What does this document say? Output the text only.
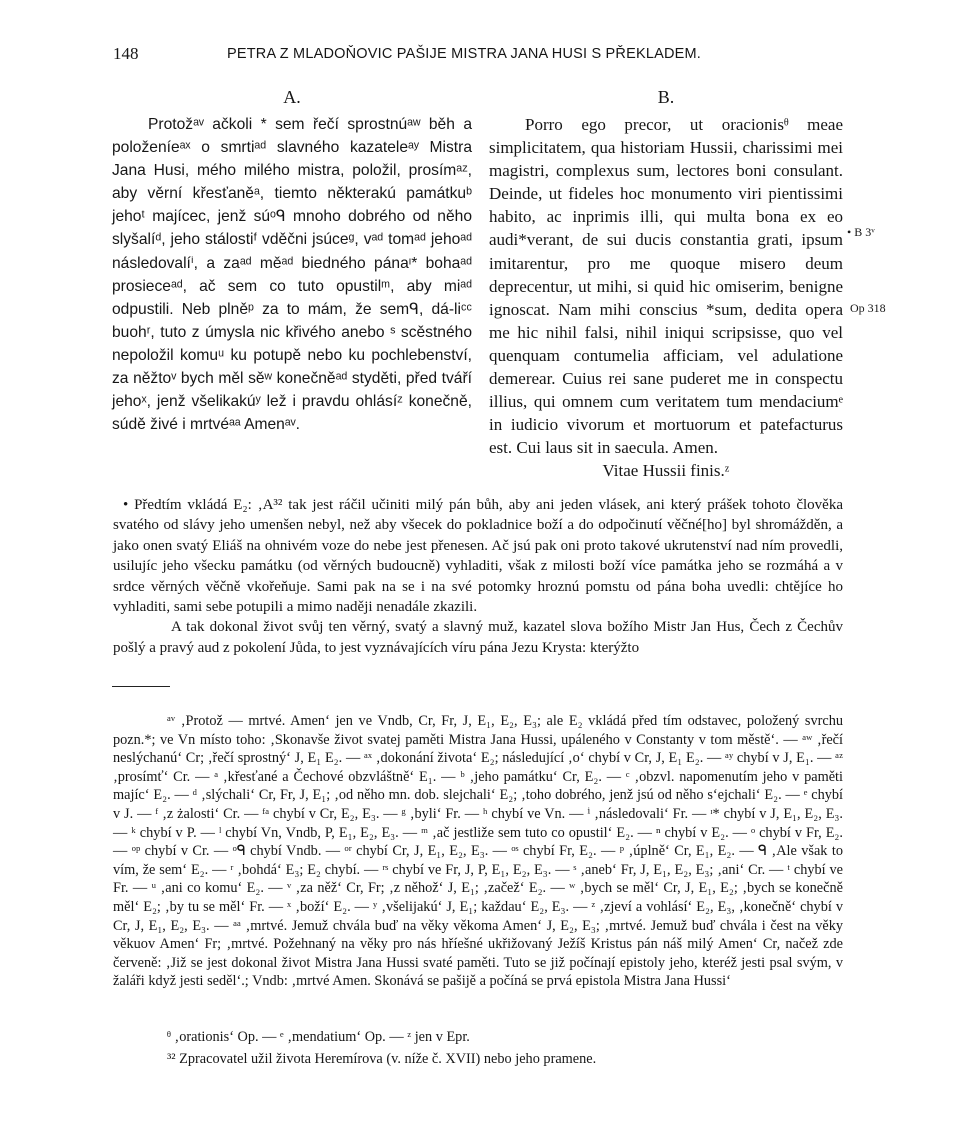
148	PETRA Z MLADOŇOVIC PAŠIJE MISTRA JANA HUSI S PŘEKLADEM.

A.

Protožᵃᵛ ačkoli * sem řečí sprostnúᵃʷ běh a položeníeᵃˣ o smrtiᵃᵈ slavného kazateleᵃʸ Mistra Jana Husi, mého milého mistra, položil, prosímᵃᶻ, aby věrní křesťaněᵃ, tiemto některakú památkuᵇ jehoᵗ majícec, jenž súᵒᑫ mnoho dobrého od něho slyšalíᵈ, jeho stálostiᶠ vděčni jsúceᵍ, vᵃᵈ tomᵃᵈ jehoᵃᵈ následovalíⁱ, a zaᵃᵈ měᵃᵈ biedného pánaᶦ* bohaᵃᵈ prosieceᵃᵈ, ač sem co tuto opustilᵐ, aby miᵃᵈ odpustili. Neb plněᵖ za to mám, že semᑫ, dá-liᶜᶜ buohʳ, tuto z úmysla nic křivého anebo ˢ scěstného nepoložil komuᵘ ku potupě nebo ku pochlebenství, za něžtoᵛ bych měl sěʷ konečněᵃᵈ styděti, před tváří jehoˣ, jenž všelikakúʸ lež i pravdu ohlásíᶻ konečně, súdě živé i mrtvéᵃᵃ Amenᵃᵛ.

B.

Porro ego precor, ut oracionisᶿ meae simplicitatem, qua historiam Hussii, charissimi mei magistri, complexus sum, lectores boni consulant. Deinde, ut fideles hoc monumento viri pientissimi habito, ac inprimis illi, qui multa bona ex eo audi*verant, de sui ducis constantia grati, ipsum imitarentur, pro me quoque misero deum deprecentur, ut mihi, si quid hic omiserim, benigne ignoscat. Nam mihi conscius *sum, dedita opera me hic nihil falsi, nihil iniqui scripsisse, quo vel quenquam contumelia afficiam, vel adulatione demerear. Cuius rei sane puderet me in conspectu illius, qui omnem cum veritatem tum mendaciumᵉ in iudicio vivorum et mortuorum et patefacturus est. Cui laus sit in saecula. Amen.

Vitae Hussii finis.ᶻ

• B 3ᵛ
Op 318

• Předtím vkládá E₂: ‚A³² tak jest ráčil učiniti milý pán bůh, aby ani jeden vlásek, ani který prášek tohoto člověka svatého od slávy jeho umenšen nebyl, než aby všecek do pokladnice boží a do odpočinutí věčné[ho] byl shromážděn, a jako onen svatý Eliáš na ohnivém voze do nebe jest přenesen. Ač jsú pak oni proto takové ukrutenství nad ním provedli, usilujíc jeho všecku památku (od věrných budoucně) vyhladiti, však z milosti boží více památka jeho se rozmáhá a v srdce věrných věčně vkořeňuje. Sami pak na se i na své potomky hroznú pomstu od pána boha uvedli: chtějíce ho vyhladiti, sami sebe potupili a mimo naději nenadále zkazili.

A tak dokonal život svůj ten věrný, svatý a slavný muž, kazatel slova božího Mistr Jan Hus, Čech z Čechův pošlý a pravý aud z pokolení Jůda, to jest vyznávajících víru pána Jezu Krysta: kterýžto

ᵃᵛ ‚Protož — mrtvé. Amen‘ jen ve Vndb, Cr, Fr, J, E₁, E₂, E₃; ale E₂ vkládá před tím odstavec, položený svrchu pozn.*; ve Vn místo toho: ‚Skonavše život svatej paměti Mistra Jana Hussi, upáleného v Constanty v tom městě‘. — ᵃʷ ‚řečí neslýchanú‘ Cr; ‚řečí sprostný‘ J, E₁ E₂. — ᵃˣ ‚dokonání života‘ E₂; následující ‚o‘ chybí v Cr, J, E₁ E₂. — ᵃʸ chybí v J, E₁. — ᵃᶻ ‚prosímť‘ Cr. — ᵃ ‚křesťané a Čechové obzvláštně‘ E₁. — ᵇ ‚jeho památku‘ Cr, E₂. — ᶜ ‚obzvl. napomenutím jeho v paměti majíc‘ E₂. — ᵈ ‚slýchali‘ Cr, Fr, J, E₁; ‚od něho mn. dob. slejchali‘ E₂; ‚toho dobrého, jenž jsú od něho s‘ejchali‘ E₂. — ᵉ chybí v J. — ᶠ ‚z żalosti‘ Cr. — ᶠᵃ chybí v Cr, E₂, E₃. — ᵍ ‚byli‘ Fr. — ʰ chybí ve Vn. — ⁱ ‚následovali‘ Fr. — ᶦ* chybí v J, E₁, E₂, E₃. — ᵏ chybí v P. — ˡ chybí Vn, Vndb, P, E₁, E₂, E₃. — ᵐ ‚ač jestliže sem tuto co opustil‘ E₂. — ⁿ chybí v E₂. — ᵒ chybí v Fr, E₂. — ᵒᵖ chybí v Cr. — ᵒᑫ chybí Vndb. — ᵒʳ chybí Cr, J, E₁, E₂, E₃. — ᵒˢ chybí Fr, E₂. — ᵖ ‚úplně‘ Cr, E₁, E₂. — ᑫ ‚Ale však to vím, že sem‘ E₂. — ʳ ‚bohdá‘ E₃; E₂ chybí. — ʳˢ chybí ve Fr, J, P, E₁, E₂, E₃. — ˢ ‚aneb‘ Fr, J, E₁, E₂, E₃; ‚ani‘ Cr. — ᵗ chybí ve Fr. — ᵘ ‚ani co komu‘ E₂. — ᵛ ‚za něž‘ Cr, Fr; ‚z něhož‘ J, E₁; ‚začež‘ E₂. — ʷ ‚bych se měl‘ Cr, J, E₁, E₂; ‚bych se konečně měl‘ E₂; ‚by tu se měl‘ Fr. — ˣ ‚boží‘ E₂. — ʸ ‚všelijakú‘ J, E₁; každau‘ E₂, E₃. — ᶻ ‚zjeví a vohlásí‘ E₂, E₃, ‚konečně‘ chybí v Cr, J, E₁, E₂, E₃. — ᵃᵃ ‚mrtvé. Jemuž chvála buď na věky věkoma Amen‘ J, E₂, E₃; ‚mrtvé. Jemuž buď chvála i čest na věky věkuov Amen‘ Fr; ‚mrtvé. Požehnaný na věky pro nás hříešné ukřižovaný Ježíš Kristus pán náš milý Amen‘ Cr, načež zde červeně: ‚Již se jest dokonal život Mistra Jana Hussi svaté paměti. Tuto se již počínají epistoly jeho, kteréž jesti psal svým, v žaláři když jesti seděl‘.; Vndb: ‚mrtvé Amen. Skonává se pašijě a počíná se prvá epistola Mistra Jana Hussi‘

ᶿ ‚orationis‘ Op. — ᵉ ‚mendatium‘ Op. — ᶻ jen v Epr.

³² Zpracovatel užil života Heremírova (v. níže č. XVII) nebo jeho pramene.
